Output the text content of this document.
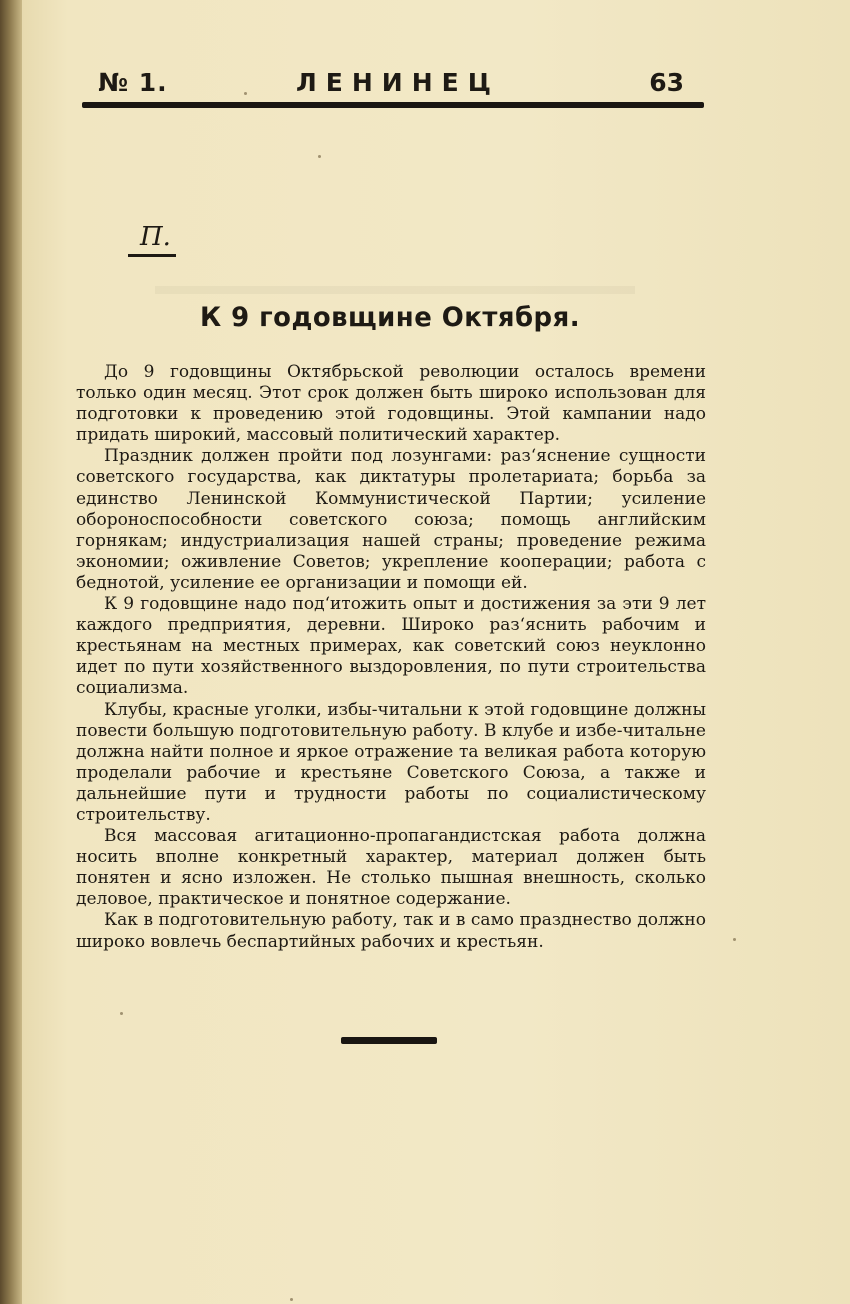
№ 1.	ЛЕНИНЕЦ	63
П.
К 9 годовщине Октября.

До 9 годовщины Октябрьской революции осталось времени только один месяц. Этот срок должен быть широко использован для подготовки к проведению этой годовщины. Этой кампании надо придать широкий, массовый политический характер.

Праздник должен пройти под лозунгами: раз‘яснение сущности советского государства, как диктатуры пролетариата; борьба за единство Ленинской Коммунистической Партии; усиление обороноспособности советского союза; помощь английским горнякам; индустриализация нашей страны; проведение режима экономии; оживление Советов; укрепление кооперации; работа с беднотой, усиление ее организации и помощи ей.

К 9 годовщине надо под‘итожить опыт и достижения за эти 9 лет каждого предприятия, деревни. Широко раз‘яснить рабочим и крестьянам на местных примерах, как советский союз неуклонно идет по пути хозяйственного выздоровления, по пути строительства социализма.

Клубы, красные уголки, избы-читальни к этой годовщине должны повести большую подготовительную работу. В клубе и избе-читальне должна найти полное и яркое отражение та великая работа которую проделали рабочие и крестьяне Советского Союза, а также и дальнейшие пути и трудности работы по социалистическому строительству.

Вся массовая агитационно-пропагандистская работа должна носить вполне конкретный характер, материал должен быть понятен и ясно изложен. Не столько пышная внешность, сколько деловое, практическое и понятное содержание.

Как в подготовительную работу, так и в само празднество должно широко вовлечь беспартийных рабочих и крестьян.
